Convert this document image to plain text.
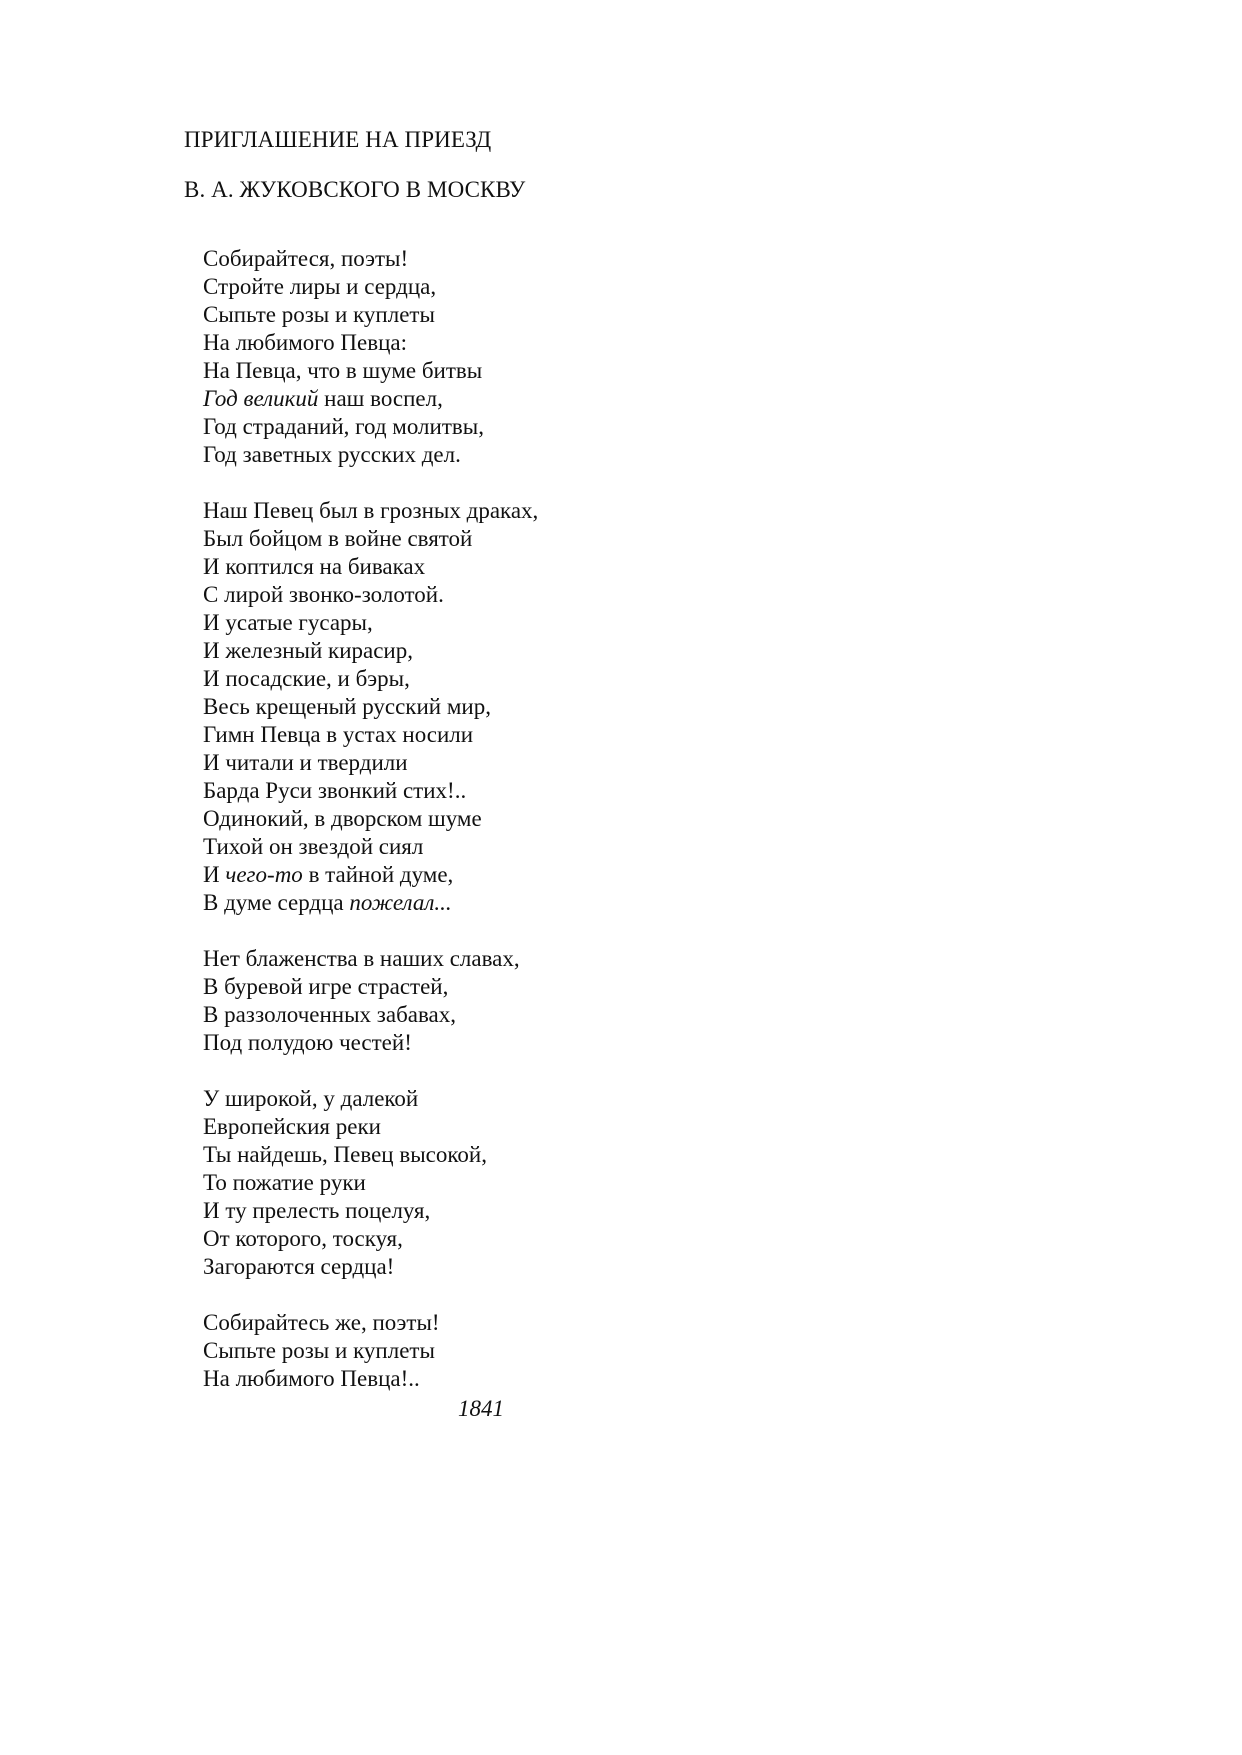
ПРИГЛАШЕНИЕ НА ПРИЕЗД
В. А. ЖУКОВСКОГО В МОСКВУ
Собирайтеся, поэты!
Стройте лиры и сердца,
Сыпьте розы и куплеты
На любимого Певца:
На Певца, что в шуме битвы
Год великий наш воспел,
Год страданий, год молитвы,
Год заветных русских дел.
Наш Певец был в грозных драках,
Был бойцом в войне святой
И коптился на биваках
С лирой звонко-золотой.
И усатые гусары,
И железный кирасир,
И посадские, и бэры,
Весь крещеный русский мир,
Гимн Певца в устах носили
И читали и твердили
Барда Руси звонкий стих!..
Одинокий, в дворском шуме
Тихой он звездой сиял
И чего-то в тайной думе,
В думе сердца пожелал...
Нет блаженства в наших славах,
В буревой игре страстей,
В раззолоченных забавах,
Под полудою честей!
У широкой, у далекой
Европейския реки
Ты найдешь, Певец высокой,
То пожатие руки
И ту прелесть поцелуя,
От которого, тоскуя,
Загораются сердца!
Собирайтесь же, поэты!
Сыпьте розы и куплеты
На любимого Певца!..
1841
